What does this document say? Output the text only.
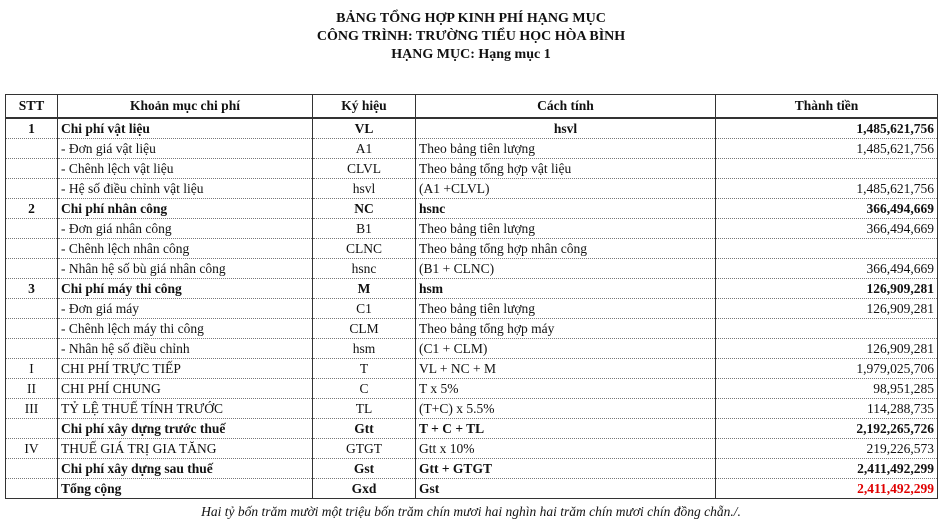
BẢNG TỔNG HỢP KINH PHÍ HẠNG MỤC
CÔNG TRÌNH: TRƯỜNG TIỂU HỌC HÒA BÌNH
HẠNG MỤC: Hạng mục 1
STT	Khoản mục chi phí	Ký hiệu	Cách tính	Thành tiền
1	Chi phí vật liệu	VL	hsvl	1,485,621,756
	- Đơn giá vật liệu	A1	Theo bảng tiên lượng	1,485,621,756
	- Chênh lệch vật liệu	CLVL	Theo bảng tổng hợp vật liệu	
	- Hệ số điều chỉnh vật liệu	hsvl	(A1 +CLVL)	1,485,621,756
2	Chi phí nhân công	NC	hsnc	366,494,669
	- Đơn giá nhân công	B1	Theo bảng tiên lượng	366,494,669
	- Chênh lệch nhân công	CLNC	Theo bảng tổng hợp nhân công	
	- Nhân hệ số bù giá nhân công	hsnc	(B1 + CLNC)	366,494,669
3	Chi phí máy thi công	M	hsm	126,909,281
	- Đơn giá máy	C1	Theo bảng tiên lượng	126,909,281
	- Chênh lệch máy thi công	CLM	Theo bảng tổng hợp máy	
	- Nhân hệ số điều chỉnh	hsm	(C1 + CLM)	126,909,281
I	CHI PHÍ TRỰC TIẾP	T	VL + NC + M	1,979,025,706
II	CHI PHÍ CHUNG	C	T x 5%	98,951,285
III	TỶ LỆ THUẾ TÍNH TRƯỚC	TL	(T+C) x 5.5%	114,288,735
	Chi phí xây dựng trước thuế	Gtt	T + C + TL	2,192,265,726
IV	THUẾ GIÁ TRỊ GIA TĂNG	GTGT	Gtt x 10%	219,226,573
	Chi phí xây dựng sau thuế	Gst	Gtt + GTGT	2,411,492,299
	Tổng cộng	Gxd	Gst	2,411,492,299
Hai tỷ bốn trăm mười một triệu bốn trăm chín mươi hai nghìn hai trăm chín mươi chín đồng chẵn./.
